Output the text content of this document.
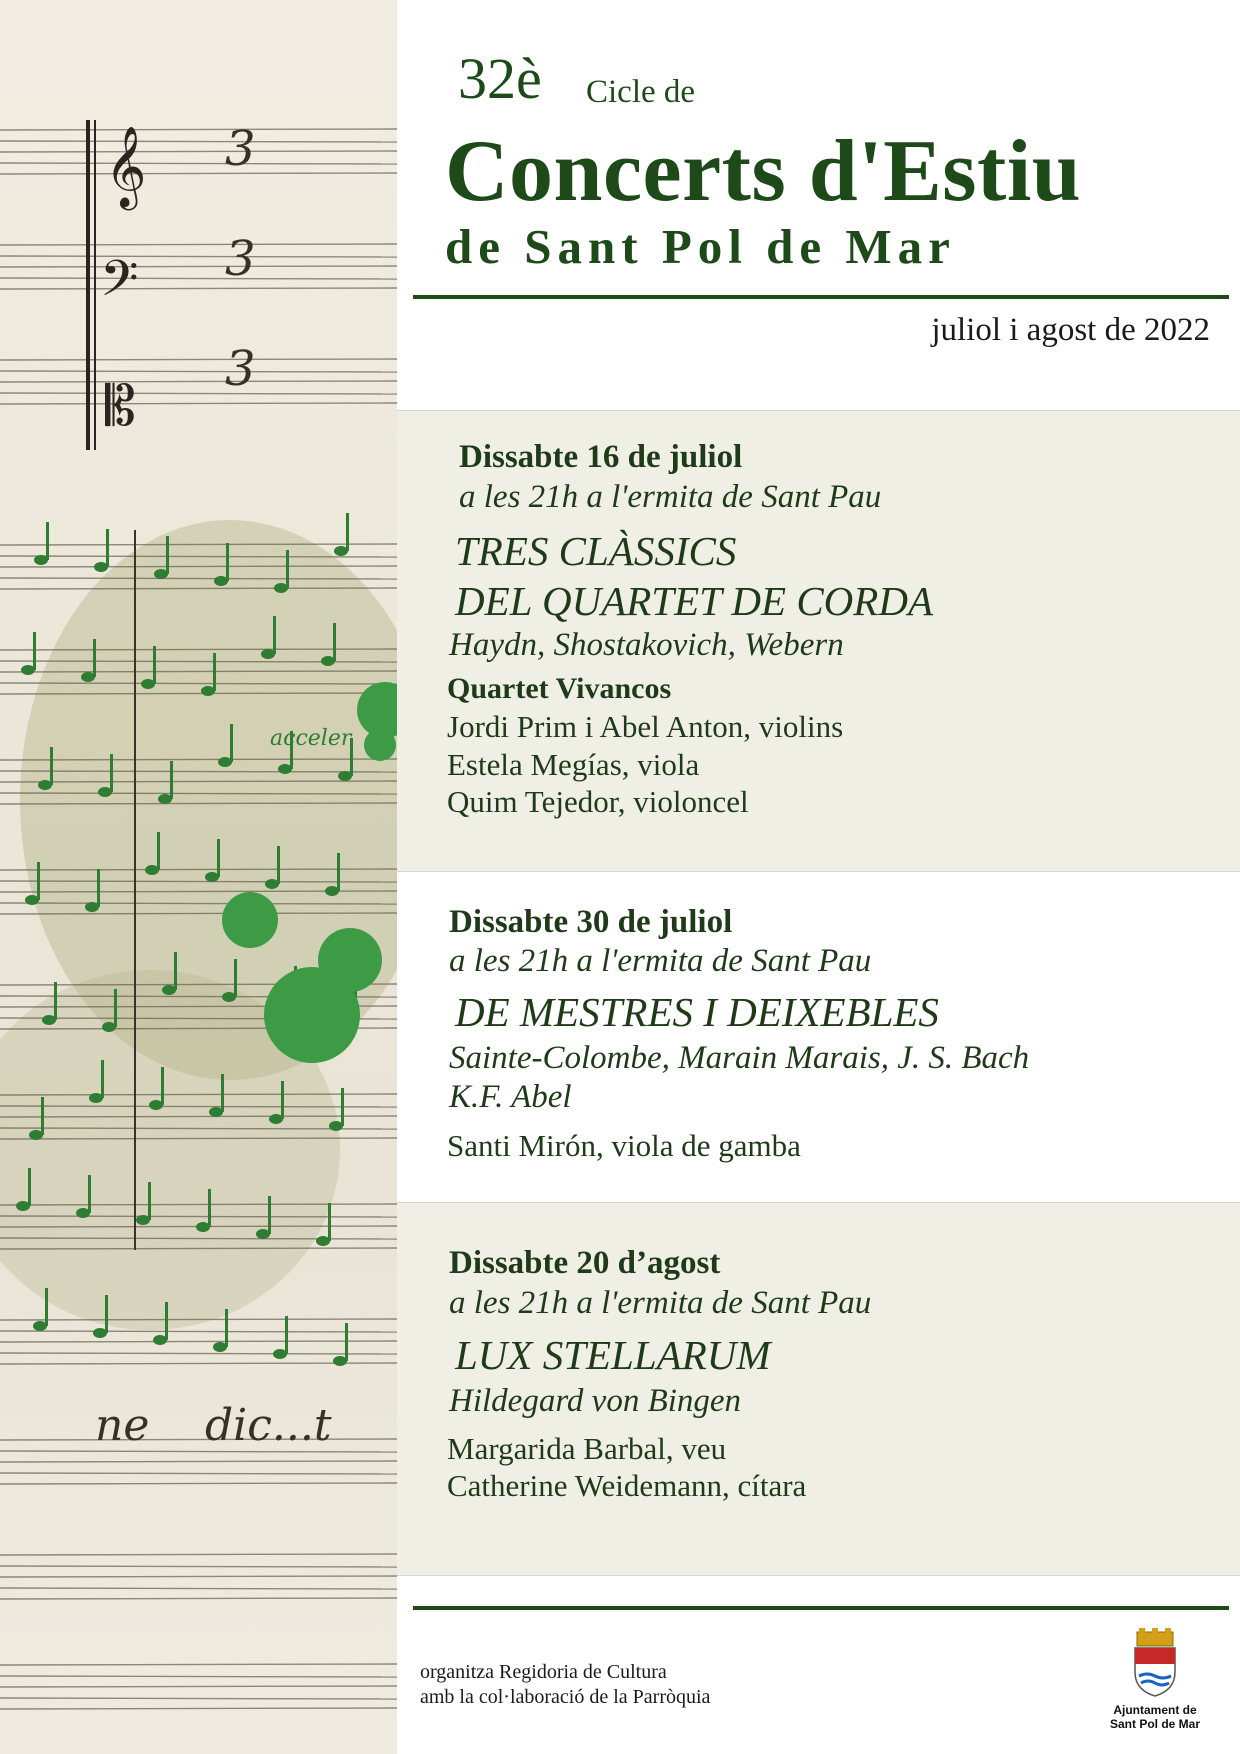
𝄞
𝄢
𝄡
3
3
3
acceler
ne dic...t
32è	Cicle de
Concerts d'Estiu
de Sant Pol de Mar
juliol i agost de 2022
Dissabte 16 de juliol
a les 21h a l'ermita de Sant Pau
TRES CLÀSSICS
DEL QUARTET DE CORDA
Haydn, Shostakovich, Webern
Quartet Vivancos
Jordi Prim i Abel Anton, violins
Estela Megías, viola
Quim Tejedor, violoncel
Dissabte 30 de juliol
a les 21h a l'ermita de Sant Pau
DE MESTRES I DEIXEBLES
Sainte-Colombe, Marain Marais, J. S. Bach
K.F. Abel
Santi Mirón, viola de gamba
Dissabte 20 d’agost
a les 21h a l'ermita de Sant Pau
LUX STELLARUM
Hildegard von Bingen
Margarida Barbal, veu
Catherine Weidemann, cítara
organitza Regidoria de Cultura
amb la col·laboració de la Parròquia
Ajuntament de
Sant Pol de Mar
